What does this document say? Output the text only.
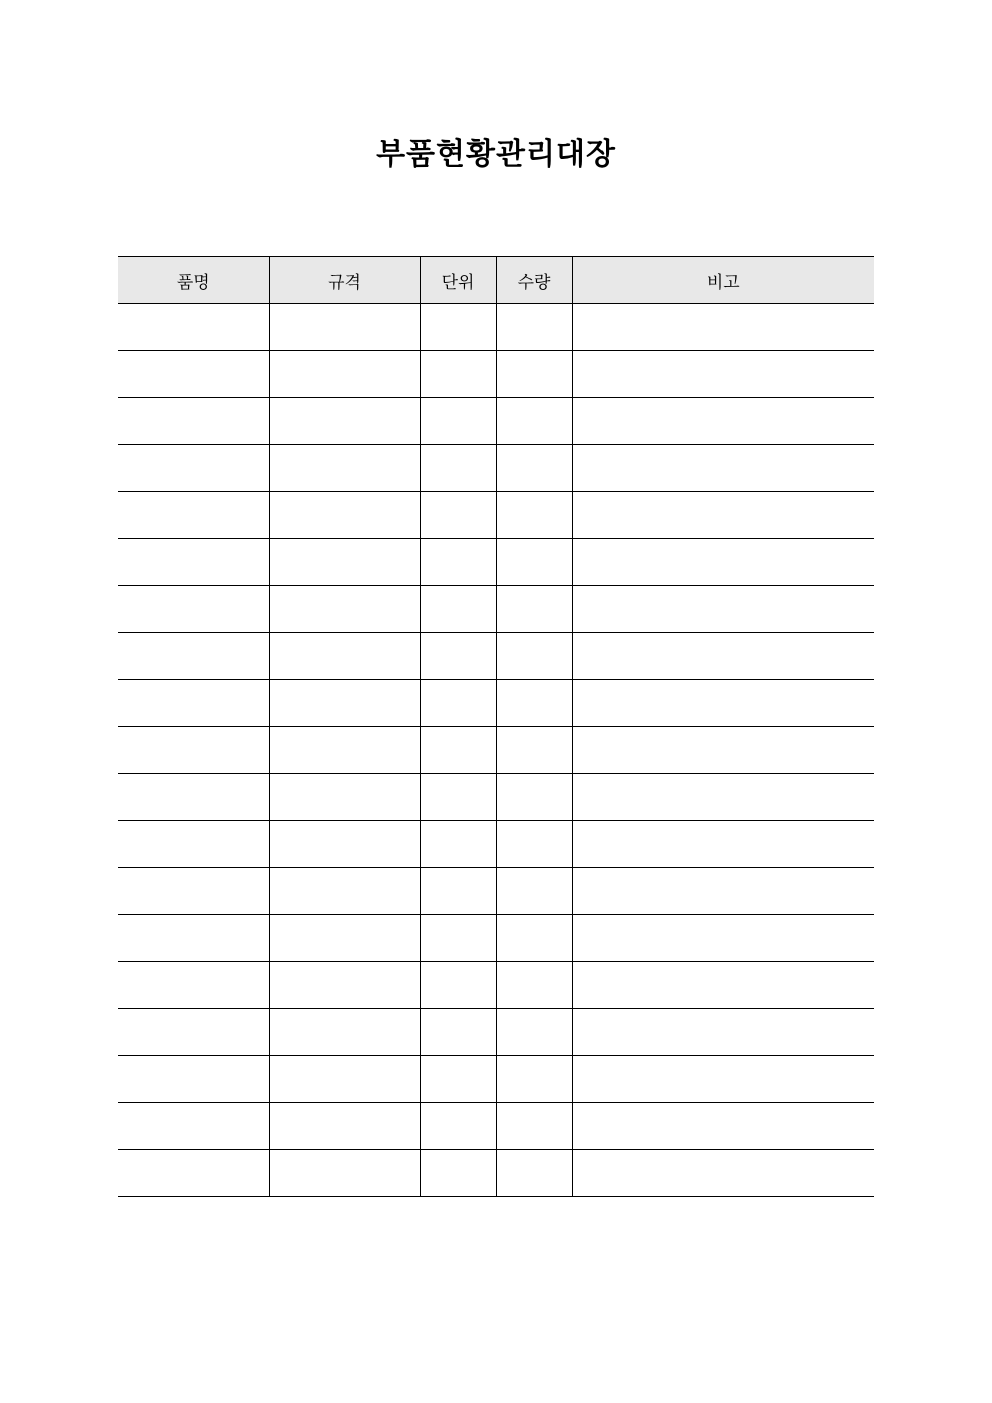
부품현황관리대장
품명	규격	단위	수량	비고
